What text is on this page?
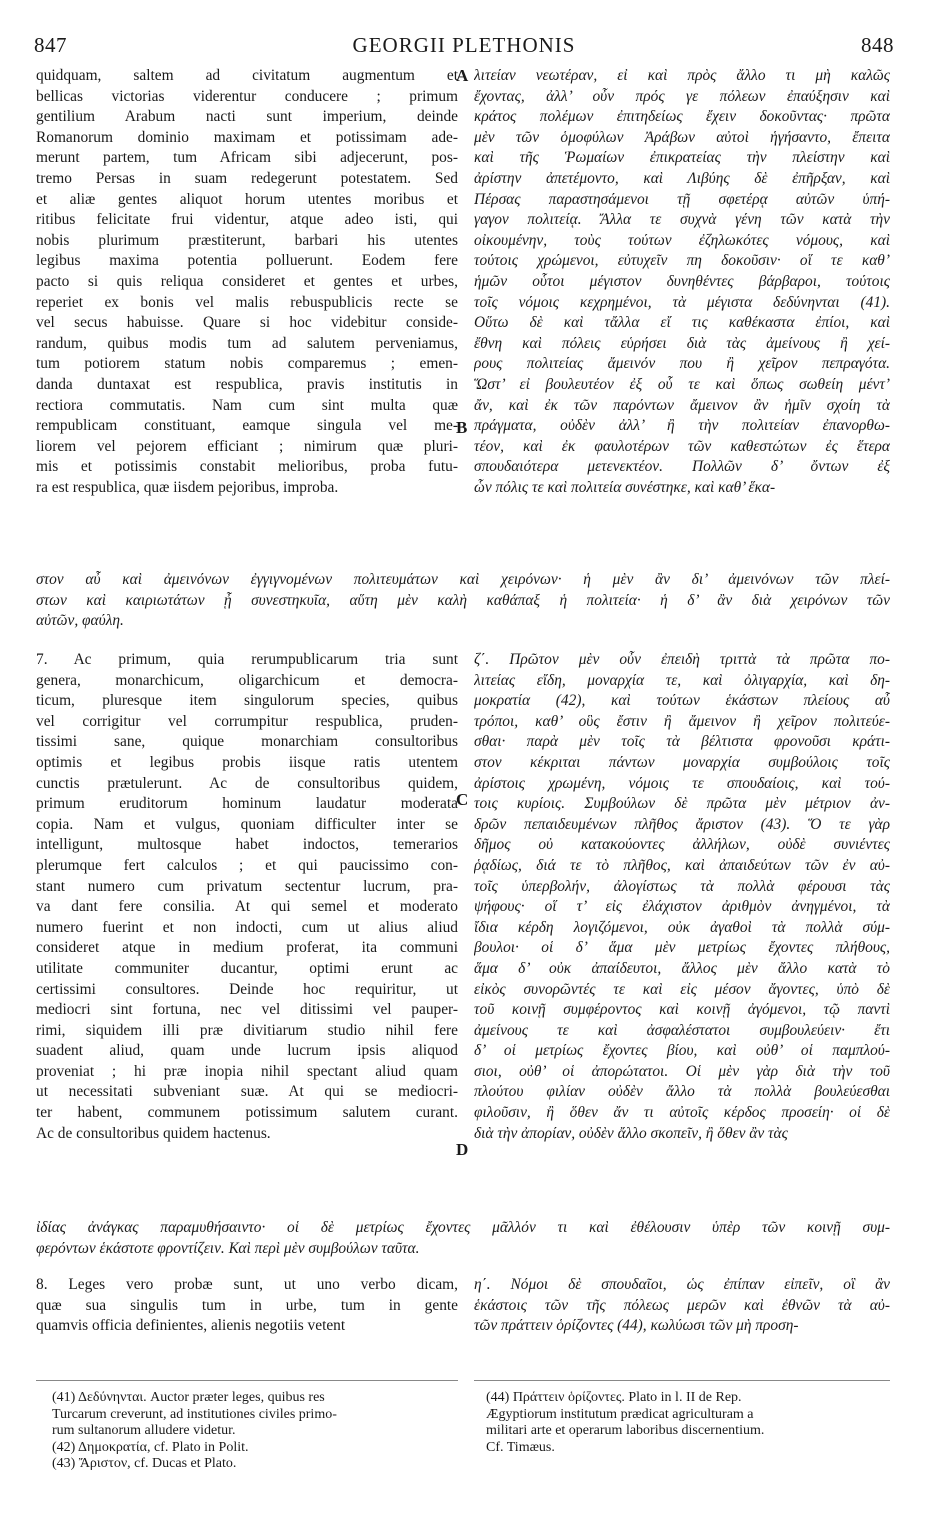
847	GEORGII PLETHONIS	848
A
B
C
D
quidquam, saltem ad civitatum augmentum et
bellicas victorias viderentur conducere ; primum
gentilium Arabum nacti sunt imperium, deinde
Romanorum dominio maximam et potissimam ade-
merunt partem, tum Africam sibi adjecerunt, pos-
tremo Persas in suam redegerunt potestatem. Sed
et aliæ gentes aliquot horum utentes moribus et
ritibus felicitate frui videntur, atque adeo isti, qui
nobis plurimum præstiterunt, barbari his utentes
legibus maxima potentia polluerunt. Eodem fere
pacto si quis reliqua consideret et gentes et urbes,
reperiet ex bonis vel malis rebuspublicis recte se
vel secus habuisse. Quare si hoc videbitur conside-
randum, quibus modis tum ad salutem perveniamus,
tum potiorem statum nobis comparemus ; emen-
danda duntaxat est respublica, pravis institutis in
rectiora commutatis. Nam cum sint multa quæ
rempublicam constituant, eamque singula vel me-
liorem vel pejorem efficiant ; nimirum quæ pluri-
mis et potissimis constabit melioribus, proba futu-
ra est respublica, quæ iisdem pejoribus, improba.
λιτείαν νεωτέραν, εἰ καὶ πρὸς ἄλλο τι μὴ καλῶς
ἔχοντας, ἀλλ’ οὖν πρός γε πόλεων ἐπαύξησιν καὶ
κράτος πολέμων ἐπιτηδείως ἔχειν δοκοῦντας· πρῶτα
μὲν τῶν ὁμοφύλων Ἀράβων αὐτοὶ ἡγήσαντο, ἔπειτα
καὶ τῆς Ῥωμαίων ἐπικρατείας τὴν πλείστην καὶ
ἀρίστην ἀπετέμοντο, καὶ Λιβύης δὲ ἐπῆρξαν, καὶ
Πέρσας παραστησάμενοι τῇ σφετέρᾳ αὐτῶν ὑπή-
γαγον πολιτείᾳ. Ἄλλα τε συχνὰ γένη τῶν κατὰ τὴν
οἰκουμένην, τοὺς τούτων ἐζηλωκότες νόμους, καὶ
τούτοις χρώμενοι, εὐτυχεῖν πη δοκοῦσιν· οἵ τε καθ’
ἡμῶν οὗτοι μέγιστον δυνηθέντες βάρβαροι, τούτοις
τοῖς νόμοις κεχρημένοι, τὰ μέγιστα δεδύνηνται (41).
Οὕτω δὲ καὶ τἄλλα εἴ τις καθέκαστα ἐπίοι, καὶ
ἔθνη καὶ πόλεις εὑρήσει διὰ τὰς ἀμείνους ἢ χεί-
ρους πολιτείας ἄμεινόν που ἢ χεῖρον πεπραγότα.
Ὥστ’ εἰ βουλευτέον ἐξ οὗ τε καὶ ὅπως σωθείη μέντ’
ἄν, καὶ ἐκ τῶν παρόντων ἄμεινον ἂν ἡμῖν σχοίη τὰ
πράγματα, οὐδὲν ἀλλ’ ἢ τὴν πολιτείαν ἐπανορθω-
τέον, καὶ ἐκ φαυλοτέρων τῶν καθεστώτων ἐς ἕτερα
σπουδαιότερα μετενεκτέον. Πολλῶν δ’ ὄντων ἐξ
ὧν πόλις τε καὶ πολιτεία συνέστηκε, καὶ καθ’ ἕκα-
στον αὖ καὶ ἀμεινόνων ἐγγιγνομένων πολιτευμάτων καὶ χειρόνων· ἡ μὲν ἂν δι’ ἀμεινόνων τῶν πλεί-
στων καὶ καιριωτάτων ᾖ συνεστηκυῖα, αὕτη μὲν καλὴ καθάπαξ ἡ πολιτεία· ἡ δ’ ἂν διὰ χειρόνων τῶν
αὐτῶν, φαύλη.
7. Ac primum, quia rerumpublicarum tria sunt
genera, monarchicum, oligarchicum et democra-
ticum, pluresque item singulorum species, quibus
vel corrigitur vel corrumpitur respublica, pruden-
tissimi sane, quique monarchiam consultoribus
optimis et legibus probis iisque ratis utentem
cunctis prætulerunt. Ac de consultoribus quidem,
primum eruditorum hominum laudatur moderata
copia. Nam et vulgus, quoniam difficulter inter se
intelligunt, multosque habet indoctos, temerarios
plerumque fert calculos ; et qui paucissimo con-
stant numero cum privatum sectentur lucrum, pra-
va dant fere consilia. At qui semel et moderato
numero fuerint et non indocti, cum ut alius aliud
consideret atque in medium proferat, ita communi
utilitate communiter ducantur, optimi erunt ac
certissimi consultores. Deinde hoc requiritur, ut
mediocri sint fortuna, nec vel ditissimi vel pauper-
rimi, siquidem illi præ divitiarum studio nihil fere
suadent aliud, quam unde lucrum ipsis aliquod
proveniat ; hi præ inopia nihil spectant aliud quam
ut necessitati subveniant suæ. At qui se mediocri-
ter habent, communem potissimum salutem curant.
Ac de consultoribus quidem hactenus.
ζ΄. Πρῶτον μὲν οὖν ἐπειδὴ τριττὰ τὰ πρῶτα πο-
λιτείας εἴδη, μοναρχία τε, καὶ ὀλιγαρχία, καὶ δη-
μοκρατία (42), καὶ τούτων ἑκάστων πλείους αὖ
τρόποι, καθ’ οὓς ἔστιν ἢ ἄμεινον ἢ χεῖρον πολιτεύε-
σθαι· παρὰ μὲν τοῖς τὰ βέλτιστα φρονοῦσι κράτι-
στον κέκριται πάντων μοναρχία συμβούλοις τοῖς
ἀρίστοις χρωμένη, νόμοις τε σπουδαίοις, καὶ τού-
τοις κυρίοις. Συμβούλων δὲ πρῶτα μὲν μέτριον ἀν-
δρῶν πεπαιδευμένων πλῆθος ἄριστον (43). Ὅ τε γὰρ
δῆμος οὐ κατακούοντες ἀλλήλων, οὐδὲ συνιέντες
ῥᾳδίως, διά τε τὸ πλῆθος, καὶ ἀπαιδεύτων τῶν ἐν αὐ-
τοῖς ὑπερβολήν, ἀλογίστως τὰ πολλὰ φέρουσι τὰς
ψήφους· οἵ τ’ εἰς ἐλάχιστον ἀριθμὸν ἀνηγμένοι, τὰ
ἴδια κέρδη λογιζόμενοι, οὐκ ἀγαθοὶ τὰ πολλὰ σύμ-
βουλοι· οἱ δ’ ἅμα μὲν μετρίως ἔχοντες πλήθους,
ἅμα δ’ οὐκ ἀπαίδευτοι, ἄλλος μὲν ἄλλο κατὰ τὸ
εἰκὸς συνορῶντές τε καὶ εἰς μέσον ἄγοντες, ὑπὸ δὲ
τοῦ κοινῇ συμφέροντος καὶ κοινῇ ἀγόμενοι, τῷ παντὶ
ἀμείνους τε καὶ ἀσφαλέστατοι συμβουλεύειν· ἔτι
δ’ οἱ μετρίως ἔχοντες βίου, καὶ οὐθ’ οἱ παμπλού-
σιοι, οὐθ’ οἱ ἀπορώτατοι. Οἱ μὲν γὰρ διὰ τὴν τοῦ
πλούτου φιλίαν οὐδὲν ἄλλο τὰ πολλὰ βουλεύεσθαι
φιλοῦσιν, ἢ ὅθεν ἄν τι αὐτοῖς κέρδος προσείη· οἱ δὲ
διὰ τὴν ἀπορίαν, οὐδὲν ἄλλο σκοπεῖν, ἢ ὅθεν ἂν τὰς
ἰδίας ἀνάγκας παραμυθήσαιντο· οἱ δὲ μετρίως ἔχοντες μᾶλλόν τι καὶ ἐθέλουσιν ὑπὲρ τῶν κοινῇ συμ-
φερόντων ἑκάστοτε φροντίζειν. Καὶ περὶ μὲν συμβούλων ταῦτα.
8. Leges vero probæ sunt, ut uno verbo dicam,
quæ sua singulis tum in urbe, tum in gente
quamvis officia definientes, alienis negotiis vetent
η΄. Νόμοι δὲ σπουδαῖοι, ὡς ἐπίπαν εἰπεῖν, οἳ ἂν
ἑκάστοις τῶν τῆς πόλεως μερῶν καὶ ἐθνῶν τὰ αὐ-
τῶν πράττειν ὁρίζοντες (44), κωλύωσι τῶν μὴ προση-
(41) Δεδύνηνται. Auctor præter leges, quibus res
Turcarum creverunt, ad institutiones civiles primo-
rum sultanorum alludere videtur.
(42) Δημοκρατία, cf. Plato in Polit.
(43) Ἄριστον, cf. Ducas et Plato.
(44) Πράττειν ὁρίζοντες. Plato in l. II de Rep.
Ægyptiorum institutum prædicat agriculturam a
militari arte et operarum laboribus discernentium.
Cf. Timæus.
